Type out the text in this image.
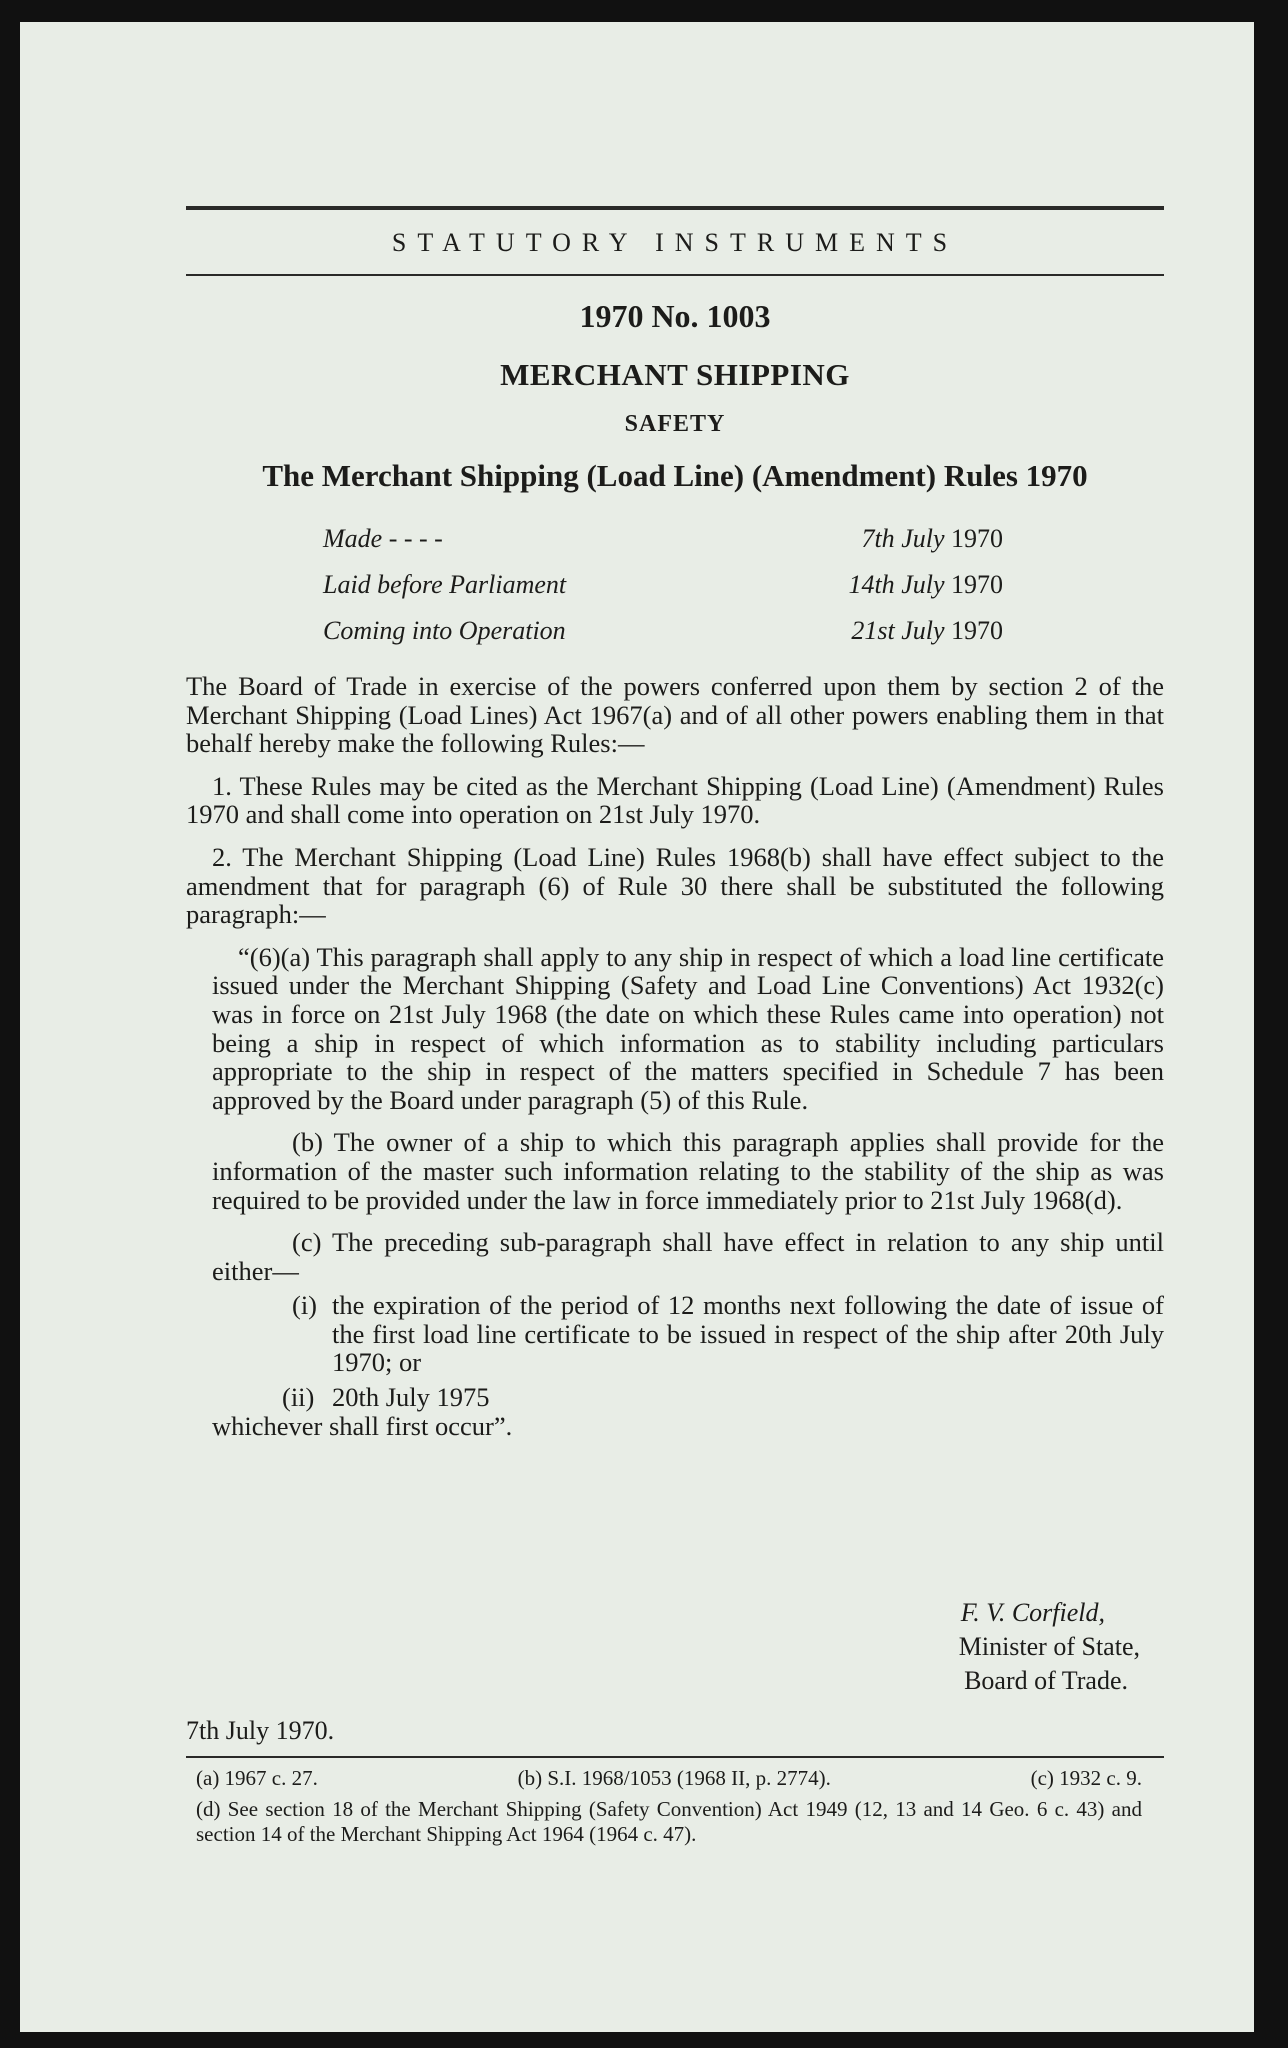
STATUTORY INSTRUMENTS
1970 No. 1003
MERCHANT SHIPPING
SAFETY
The Merchant Shipping (Load Line) (Amendment) Rules 1970
Made - - - -	7th July 1970
Laid before Parliament	14th July 1970
Coming into Operation	21st July 1970

The Board of Trade in exercise of the powers conferred upon them by section 2 of the Merchant Shipping (Load Lines) Act 1967(a) and of all other powers enabling them in that behalf hereby make the following Rules:—

1. These Rules may be cited as the Merchant Shipping (Load Line) (Amendment) Rules 1970 and shall come into operation on 21st July 1970.

2. The Merchant Shipping (Load Line) Rules 1968(b) shall have effect subject to the amendment that for paragraph (6) of Rule 30 there shall be substituted the following paragraph:—

“(6)(a) This paragraph shall apply to any ship in respect of which a load line certificate issued under the Merchant Shipping (Safety and Load Line Conventions) Act 1932(c) was in force on 21st July 1968 (the date on which these Rules came into operation) not being a ship in respect of which information as to stability including particulars appropriate to the ship in respect of the matters specified in Schedule 7 has been approved by the Board under paragraph (5) of this Rule.

(b) The owner of a ship to which this paragraph applies shall provide for the information of the master such information relating to the stability of the ship as was required to be provided under the law in force immediately prior to 21st July 1968(d).

(c) The preceding sub-paragraph shall have effect in relation to any ship until either—

(i) the expiration of the period of 12 months next following the date of issue of the first load line certificate to be issued in respect of the ship after 20th July 1970; or
(ii) 20th July 1975

whichever shall first occur”.

F. V. Corfield,
Minister of State,
Board of Trade.
7th July 1970.
(a) 1967 c. 27.	(b) S.I. 1968/1053 (1968 II, p. 2774).	(c) 1932 c. 9.
(d) See section 18 of the Merchant Shipping (Safety Convention) Act 1949 (12, 13 and 14 Geo. 6 c. 43) and section 14 of the Merchant Shipping Act 1964 (1964 c. 47).
